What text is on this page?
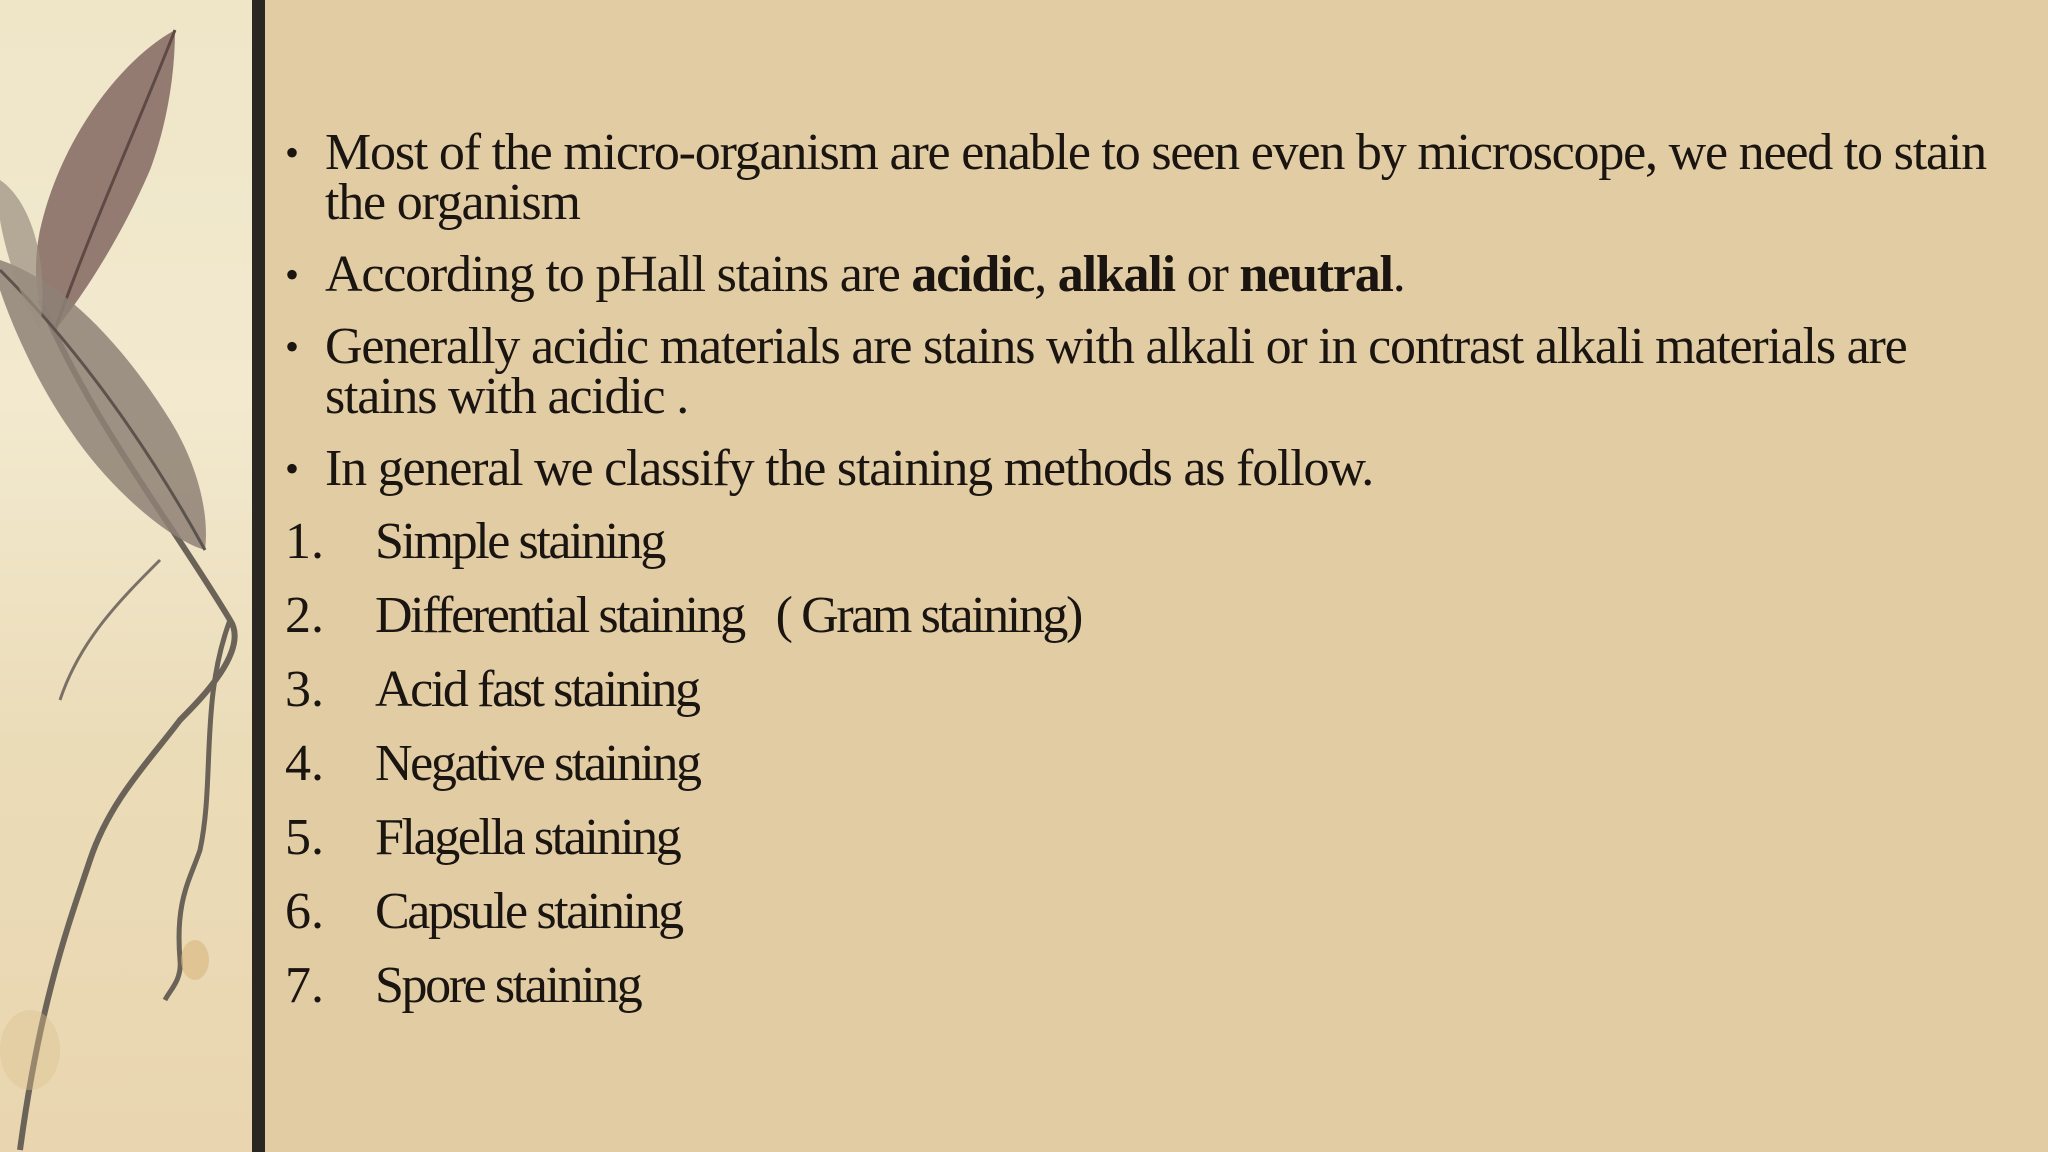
• Most of the micro-organism are enable to seen even by microscope, we need to stain the organism
• According to pHall stains are acidic, alkali or neutral.
• Generally acidic materials are stains with alkali or in contrast alkali materials are stains with acidic .
• In general we classify the staining methods as follow.
1. Simple staining
2. Differential staining   ( Gram staining)
3. Acid fast staining
4. Negative staining
5. Flagella staining
6. Capsule staining
7. Spore staining
